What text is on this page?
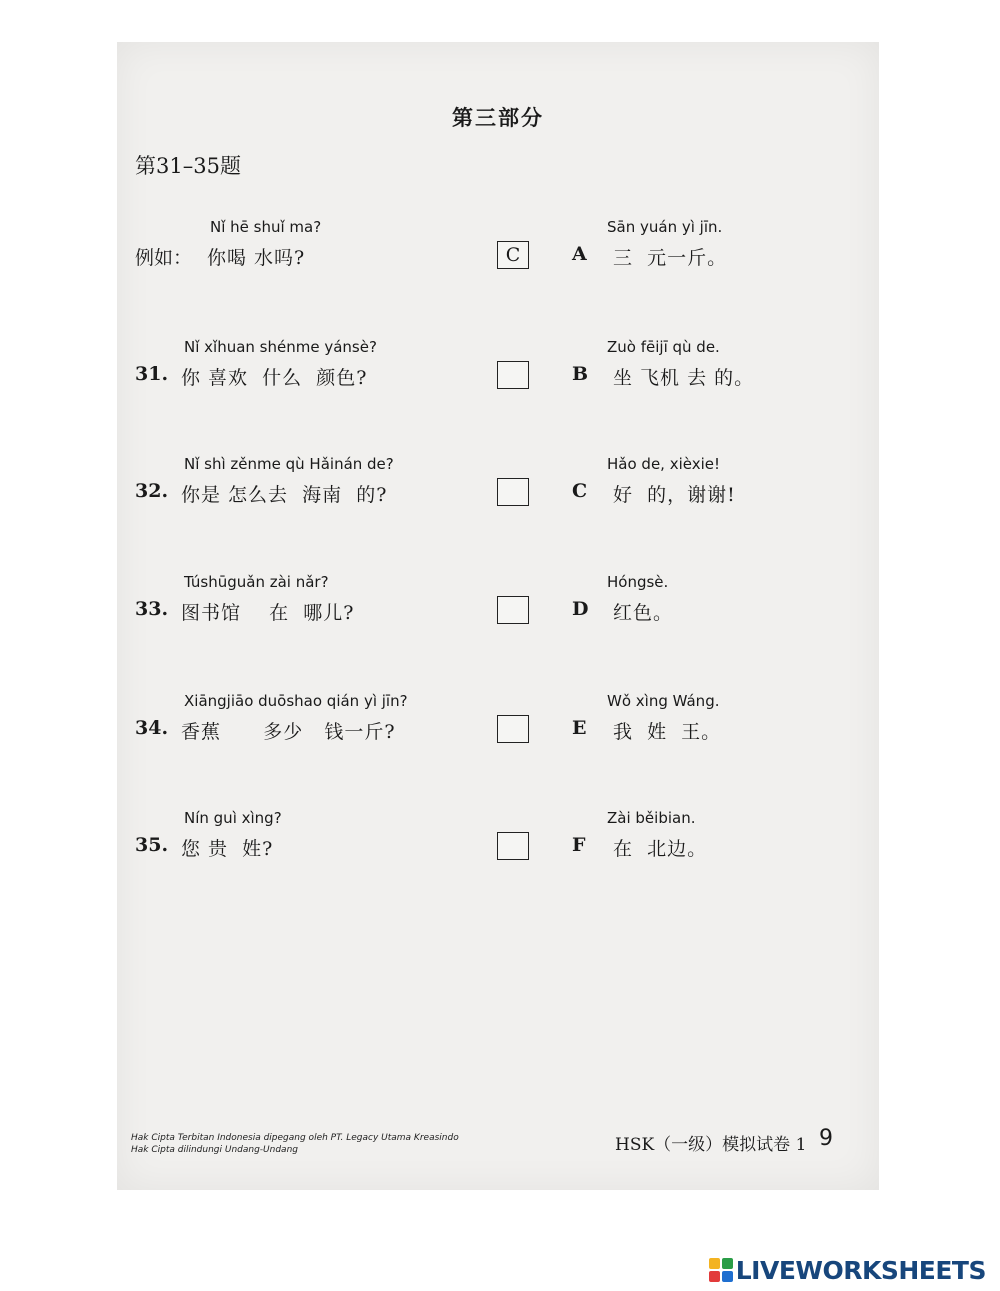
第三部分
第31–35题
Nǐ hē shuǐ ma?
例如： 你喝 水吗?	C
Sān yuán yì jīn.
A 三  元一斤。
Nǐ xǐhuan shénme yánsè?
31. 你 喜欢  什么  颜色?
Zuò fēijī qù de.
B 坐 飞机 去 的。
Nǐ shì zěnme qù Hǎinán de?
32. 你是 怎么去  海南  的?
Hǎo de, xièxie!
C 好  的，谢谢!
Túshūguǎn zài nǎr?
33. 图书馆    在  哪儿?
Hóngsè.
D 红色。
Xiāngjiāo duōshao qián yì jīn?
34. 香蕉      多少   钱一斤?
Wǒ xìng Wáng.
E 我  姓  王。
Nín guì xìng?
35. 您 贵  姓?
Zài běibian.
F 在  北边。
Hak Cipta Terbitan Indonesia dipegang oleh PT. Legacy Utama Kreasindo
Hak Cipta dilindungi Undang-Undang	HSK（一级）模拟试卷 1 9
LIVEWORKSHEETS
